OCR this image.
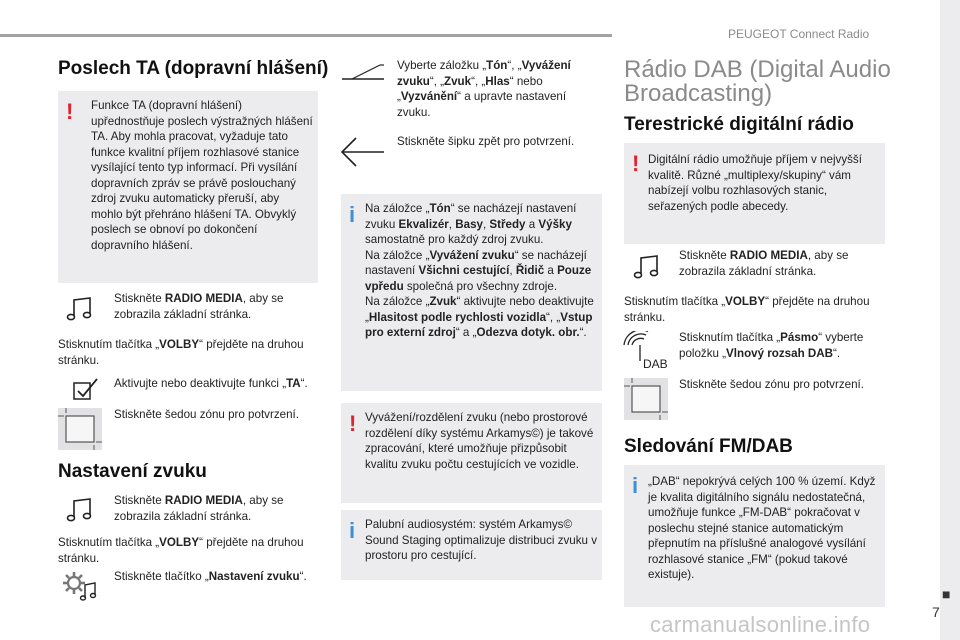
PEUGEOT Connect Radio
■
7
Poslech TA (dopravní hlášení)
! Funkce TA (dopravní hlášení) upřednostňuje poslech výstražných hlášení TA. Aby mohla pracovat, vyžaduje tato funkce kvalitní příjem rozhlasové stanice vysílající tento typ informací. Při vysílání dopravních zpráv se právě poslouchaný zdroj zvuku automaticky přeruší, aby mohlo být přehráno hlášení TA. Obvyklý poslech se obnoví po dokončení dopravního hlášení.

Stiskněte RADIO MEDIA, aby se zobrazila základní stránka.
Stisknutím tlačítka „VOLBY“ přejděte na druhou stránku.
Aktivujte nebo deaktivujte funkci „TA“.
Stiskněte šedou zónu pro potvrzení.
Nastavení zvuku
Stiskněte RADIO MEDIA, aby se zobrazila základní stránka.
Stisknutím tlačítka „VOLBY“ přejděte na druhou stránku.
Stiskněte tlačítko „Nastavení zvuku“.
Vyberte záložku „Tón“, „Vyvážení zvuku“, „Zvuk“, „Hlas“ nebo „Vyzvánění“ a upravte nastavení zvuku.
Stiskněte šipku zpět pro potvrzení.
i Na záložce „Tón“ se nacházejí nastavení zvuku Ekvalizér, Basy, Středy a Výšky samostatně pro každý zdroj zvuku.
Na záložce „Vyvážení zvuku“ se nacházejí nastavení Všichni cestující, Řidič a Pouze vpředu společná pro všechny zdroje.
Na záložce „Zvuk“ aktivujte nebo deaktivujte „Hlasitost podle rychlosti vozidla“, „Vstup pro externí zdroj“ a „Odezva dotyk. obr.“.

! Vyvážení/rozdělení zvuku (nebo prostorové rozdělení díky systému Arkamys©) je takové zpracování, které umožňuje přizpůsobit kvalitu zvuku počtu cestujících ve vozidle.

i Palubní audiosystém: systém Arkamys© Sound Staging optimalizuje distribuci zvuku v prostoru pro cestující.

Rádio DAB (Digital Audio
Broadcasting)
Terestrické digitální rádio
! Digitální rádio umožňuje příjem v nejvyšší kvalitě. Různé „multiplexy/skupiny“ vám nabízejí volbu rozhlasových stanic, seřazených podle abecedy.

Stiskněte RADIO MEDIA, aby se zobrazila základní stránka.
Stisknutím tlačítka „VOLBY“ přejděte na druhou stránku.
DAB
Stisknutím tlačítka „Pásmo“ vyberte položku „Vlnový rozsah DAB“.
Stiskněte šedou zónu pro potvrzení.
Sledování FM/DAB
i „DAB“ nepokrývá celých 100 % území. Když je kvalita digitálního signálu nedostatečná, umožňuje funkce „FM-DAB“ pokračovat v poslechu stejné stanice automatickým přepnutím na příslušné analogové vysílání rozhlasové stanice „FM“ (pokud takové existuje).

carmanualsonline.info
